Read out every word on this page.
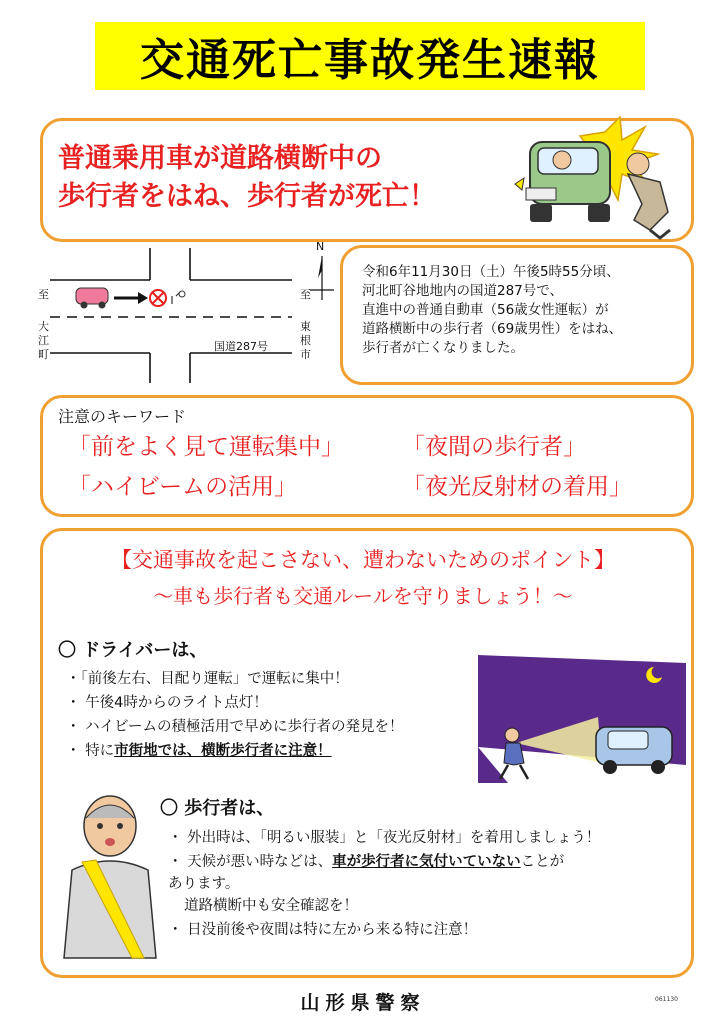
交通死亡事故発生速報
普通乗用車が道路横断中の
歩行者をはね、歩行者が死亡！
N
至
大
江
町
至
東
根
市
国道287号
令和6年11月30日（土）午後5時55分頃、
河北町谷地地内の国道287号で、
直進中の普通自動車（56歳女性運転）が
道路横断中の歩行者（69歳男性）をはね、
歩行者が亡くなりました。
注意のキーワード
「前をよく見て運転集中」	「夜間の歩行者」
「ハイビームの活用」	「夜光反射材の着用」
【交通事故を起こさない、遭わないためのポイント】
～車も歩行者も交通ルールを守りましょう！～
〇 ドライバーは、
・「前後左右、目配り運転」で運転に集中！
・ 午後4時からのライト点灯！
・ ハイビームの積極活用で早めに歩行者の発見を！
・ 特に市街地では、横断歩行者に注意！
〇 歩行者は、
・ 外出時は、「明るい服装」と「夜光反射材」を着用しましょう！
・ 天候が悪い時などは、車が歩行者に気付いていないことが
あります。
道路横断中も安全確認を！
・ 日没前後や夜間は特に左から来る特に注意！
山形県警察	061130
